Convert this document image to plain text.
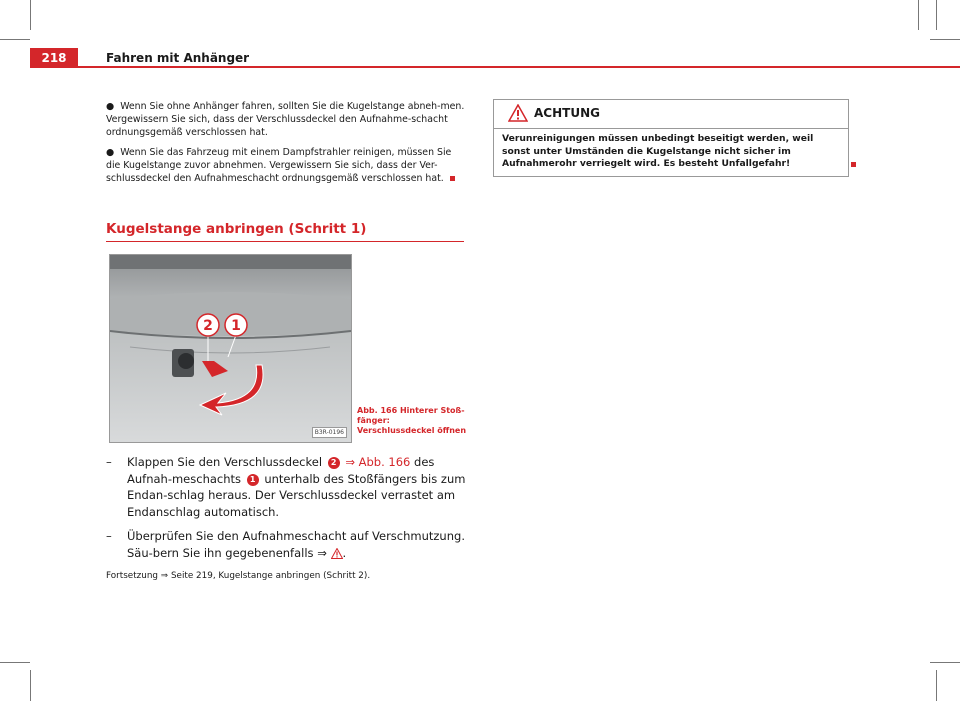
218	Fahren mit Anhänger

● Wenn Sie ohne Anhänger fahren, sollten Sie die Kugelstange abneh-men. Vergewissern Sie sich, dass der Verschlussdeckel den Aufnahme-schacht ordnungsgemäß verschlossen hat.

● Wenn Sie das Fahrzeug mit einem Dampfstrahler reinigen, müssen Sie die Kugelstange zuvor abnehmen. Vergewissern Sie sich, dass der Ver-schlussdeckel den Aufnahmeschacht ordnungsgemäß verschlossen hat.

Kugelstange anbringen (Schritt 1)
2 1
B3R-0196
Abb. 166 Hinterer Stoß-fänger: Verschlussdeckel öffnen
– Klappen Sie den Verschlussdeckel 2 ⇒ Abb. 166 des Aufnah-meschachts 1 unterhalb des Stoßfängers bis zum Endan-schlag heraus. Der Verschlussdeckel verrastet am Endanschlag automatisch.
– Überprüfen Sie den Aufnahmeschacht auf Verschmutzung. Säu-bern Sie ihn gegebenenfalls ⇒ .
Fortsetzung ⇒ Seite 219, Kugelstange anbringen (Schritt 2).
ACHTUNG
Verunreinigungen müssen unbedingt beseitigt werden, weil sonst unter Umständen die Kugelstange nicht sicher im Aufnahmerohr verriegelt wird. Es besteht Unfallgefahr!
